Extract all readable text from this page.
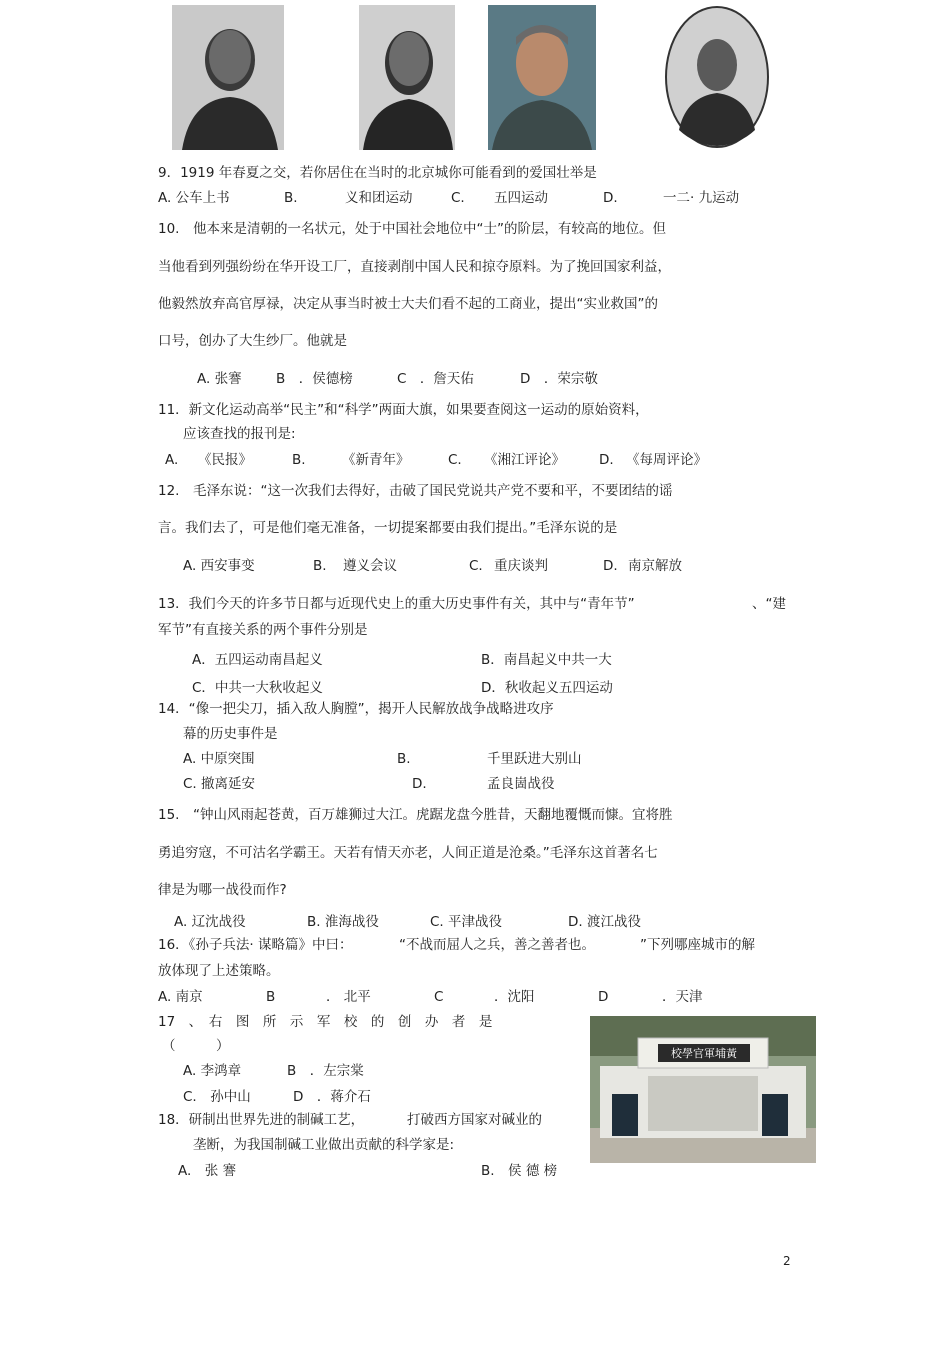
9．1919 年春夏之交，若你居住在当时的北京城你可能看到的爱国壮举是
A. 公车上书	B.	义和团运动	C. 五四运动	D.	一二· 九运动
10.　他本来是清朝的一名状元，处于中国社会地位中“士”的阶层，有较高的地位。但
当他看到列强纷纷在华开设工厂，直接剥削中国人民和掠夺原料。为了挽回国家利益，
他毅然放弃高官厚禄，决定从事当时被士大夫们看不起的工商业，提出“实业救国”的
口号，创办了大生纱厂。他就是
A. 张謇	B　．侯德榜	C　．詹天佑	D　．荣宗敬
11．新文化运动高举“民主”和“科学”两面大旗，如果要查阅这一运动的原始资料，
应该查找的报刊是:
A. 《民报》	B.	《新青年》	C. 《湘江评论》	D. 《每周评论》
12.　毛泽东说：“这一次我们去得好，击破了国民党说共产党不要和平，不要团结的谣
言。我们去了，可是他们毫无准备，一切提案都要由我们提出。”毛泽东说的是
A. 西安事变	B. 遵义会议	C. 重庆谈判	D. 南京解放
13．我们今天的许多节日都与近现代史上的重大历史事件有关，其中与“青年节”	、“建
军节”有直接关系的两个事件分别是
A．五四运动南昌起义	B．南昌起义中共一大
C．中共一大秋收起义	D．秋收起义五四运动
14．“像一把尖刀，插入敌人胸膛”，揭开人民解放战争战略进攻序
幕的历史事件是
A. 中原突围	B.	千里跃进大别山
C. 撤离延安	D.	孟良崮战役
15.　“钟山风雨起苍黄，百万雄狮过大江。虎踞龙盘今胜昔，天翻地覆慨而慷。宜将胜
勇追穷寇，不可沽名学霸王。天若有情天亦老，人间正道是沧桑。”毛泽东这首著名七
律是为哪一战役而作?
A. 辽沈战役	B. 淮海战役	C. 平津战役	D. 渡江战役
16．《孙子兵法· 谋略篇》中曰：	“不战而屈人之兵，善之善者也。	”下列哪座城市的解
放体现了上述策略。
A. 南京	B	． 北平	C	．沈阳	D	．天津
17　、　右　图　所　示　军　校　的　创　办　者　是
（　　　）
A. 李鸿章	B　．左宗棠
C.　孙中山	D　．蒋介石
校學官軍埔黃
18．研制出世界先进的制碱工艺，	打破西方国家对碱业的
垄断，为我国制碱工业做出贡献的科学家是:
A.　张 謇	B.　侯 德 榜
2
